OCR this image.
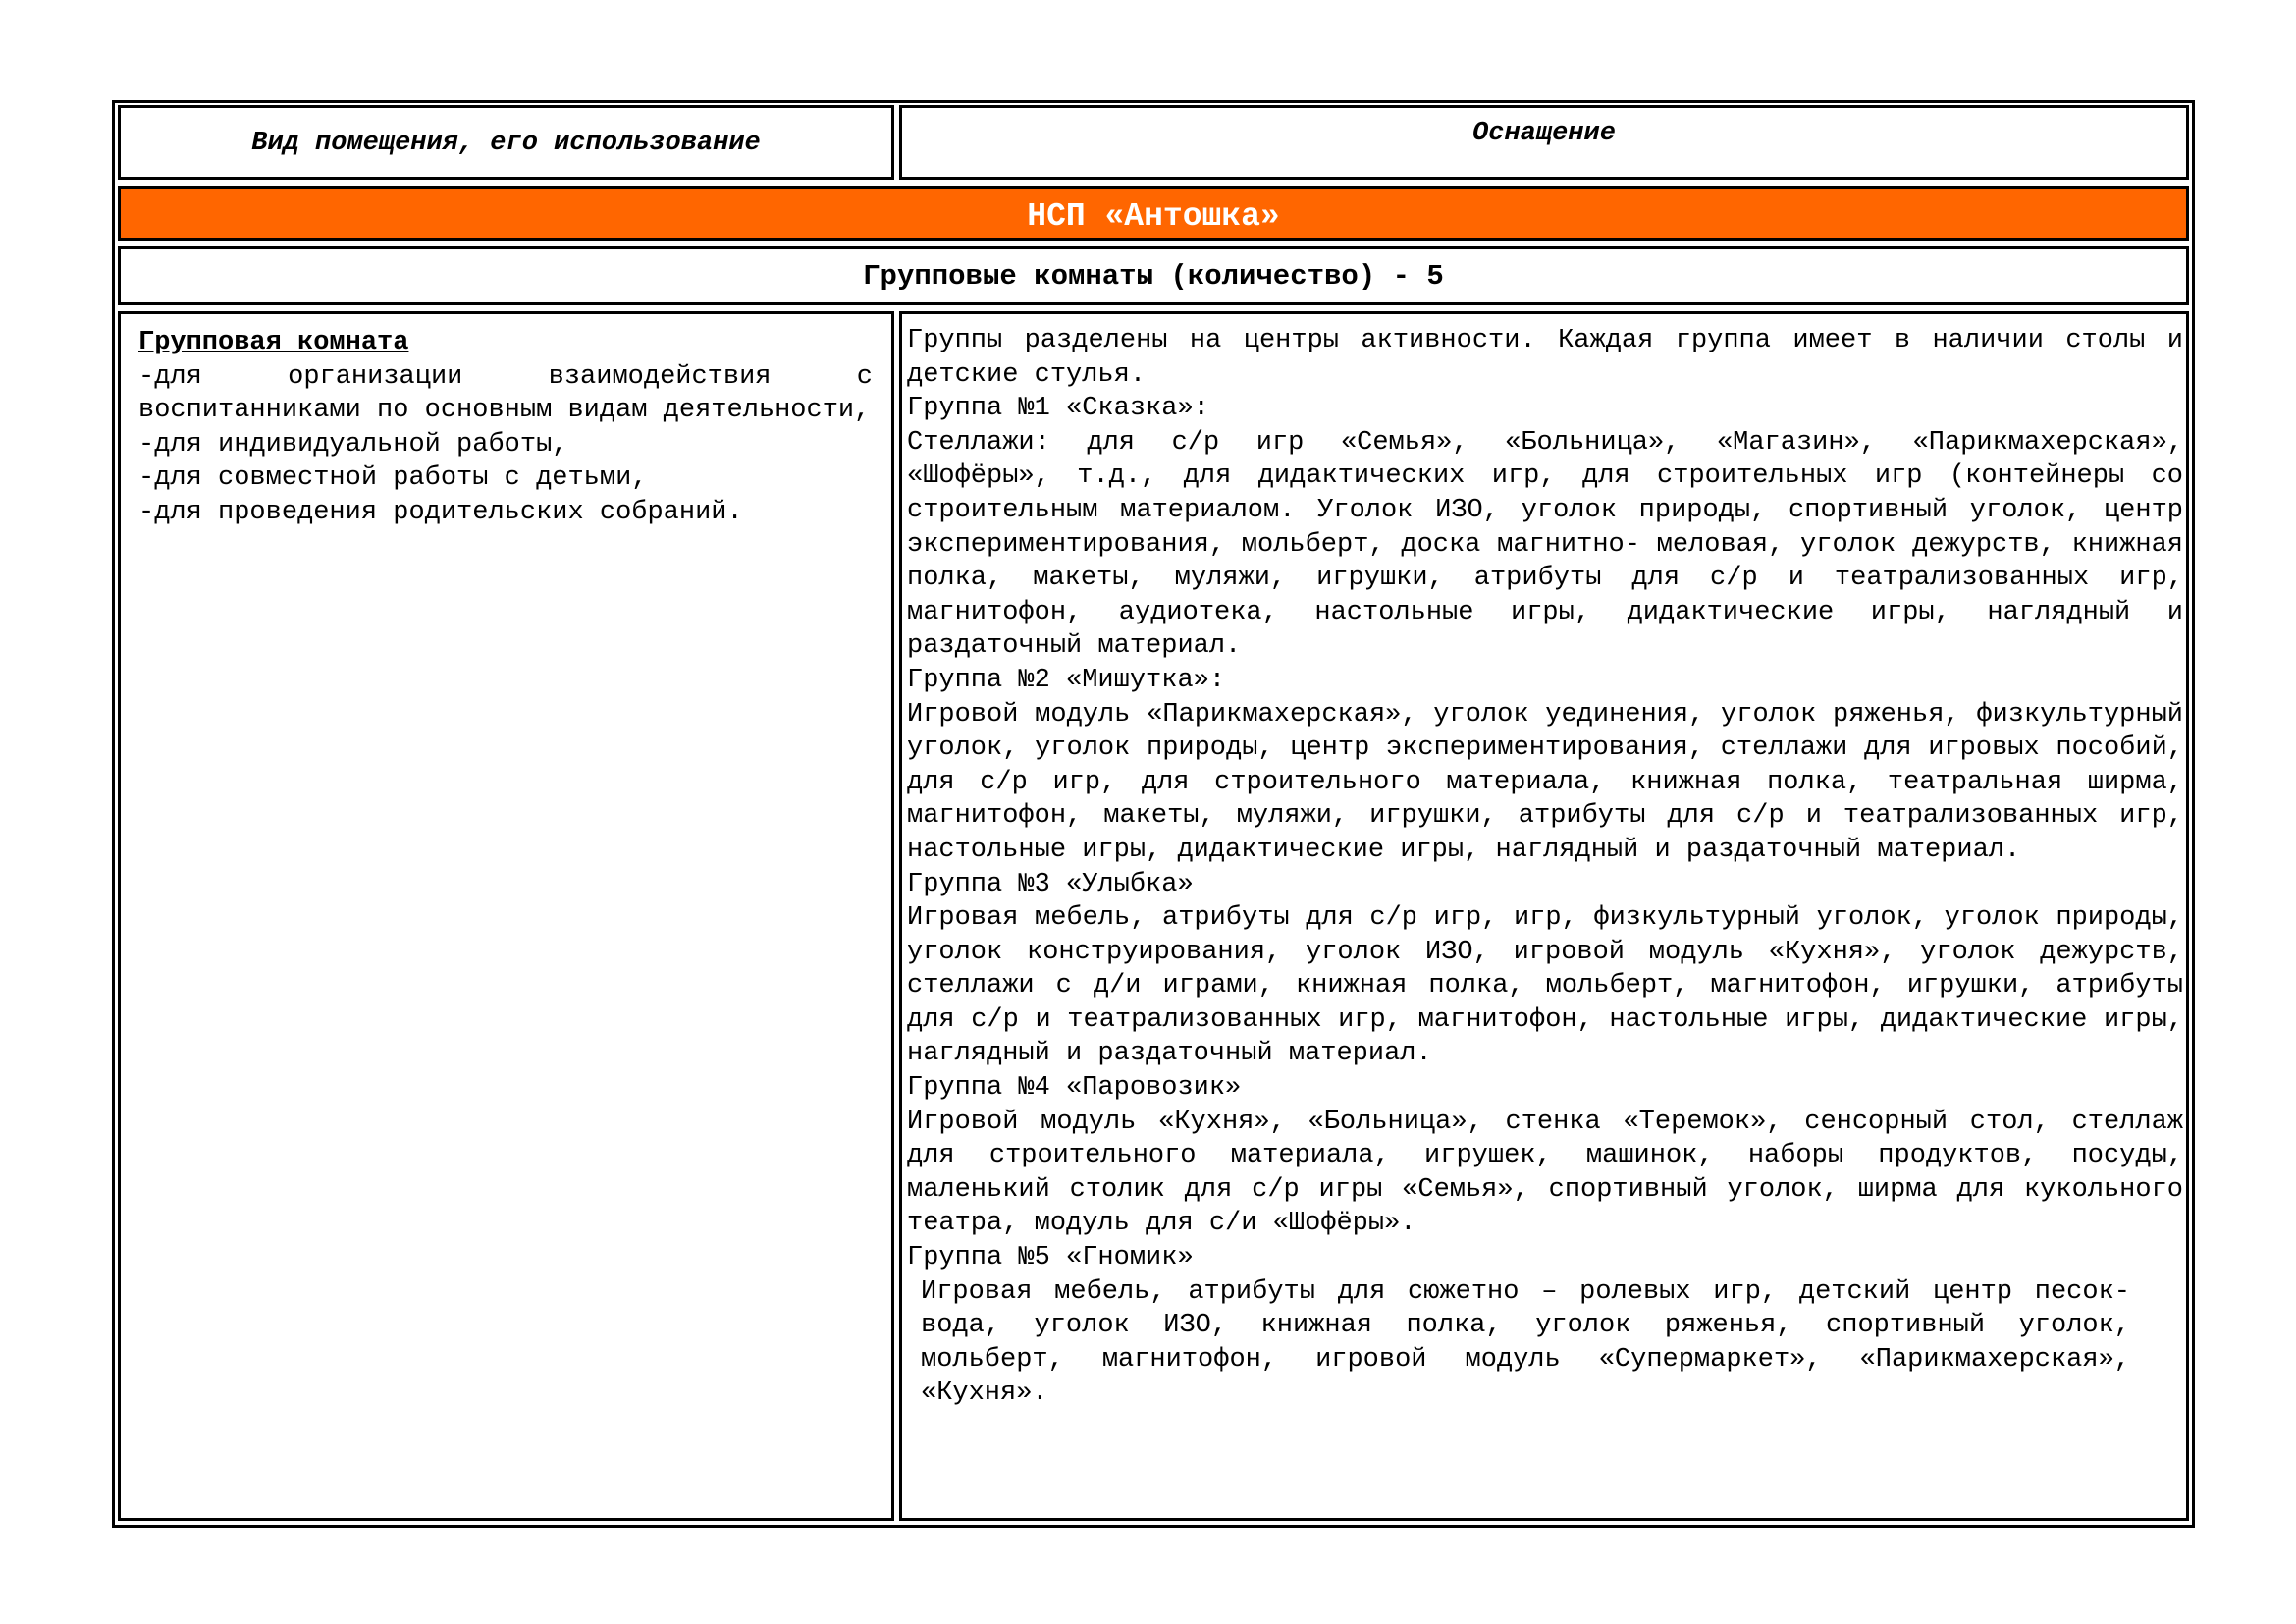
Вид помещения, его использование	Оснащение
НСП «Антошка»
Групповые комнаты (количество) - 5

Групповая комната

-для организации взаимодействия с воспитанниками по основным видам деятельности,
-для индивидуальной работы,
-для совместной работы с детьми,
-для проведения родительских собраний.

Группы разделены на центры активности. Каждая группа имеет в наличии столы и детские стулья.

Группа №1 «Сказка»:

Стеллажи: для с/р игр «Семья», «Больница», «Магазин», «Парикмахерская», «Шофёры», т.д., для дидактических игр, для строительных игр (контейнеры со строительным материалом. Уголок ИЗО, уголок природы, спортивный уголок, центр экспериментирования, мольберт, доска магнитно- меловая, уголок дежурств, книжная полка, макеты, муляжи, игрушки, атрибуты для с/р и театрализованных игр, магнитофон, аудиотека, настольные игры, дидактические игры, наглядный и раздаточный материал.

Группа №2 «Мишутка»:

Игровой модуль «Парикмахерская», уголок уединения, уголок ряженья, физкультурный уголок, уголок природы, центр экспериментирования, стеллажи для игровых пособий, для с/р игр, для строительного материала, книжная полка, театральная ширма, магнитофон, макеты, муляжи, игрушки, атрибуты для с/р и театрализованных игр, настольные игры, дидактические игры, наглядный и раздаточный материал.

Группа №3 «Улыбка»

Игровая мебель, атрибуты для с/р игр, игр, физкультурный уголок, уголок природы, уголок конструирования, уголок ИЗО, игровой модуль «Кухня», уголок дежурств, стеллажи с д/и играми, книжная полка, мольберт, магнитофон, игрушки, атрибуты для с/р и театрализованных игр, магнитофон, настольные игры, дидактические игры, наглядный и раздаточный материал.

Группа №4 «Паровозик»

Игровой модуль «Кухня», «Больница», стенка «Теремок», сенсорный стол, стеллаж для строительного материала, игрушек, машинок, наборы продуктов, посуды, маленький столик для с/р игры «Семья», спортивный уголок, ширма для кукольного театра, модуль для с/и «Шофёры».

Группа №5 «Гномик»

Игровая мебель, атрибуты для сюжетно – ролевых игр, детский центр песок-вода, уголок ИЗО, книжная полка, уголок ряженья, спортивный уголок, мольберт, магнитофон, игровой модуль «Супермаркет», «Парикмахерская», «Кухня».
